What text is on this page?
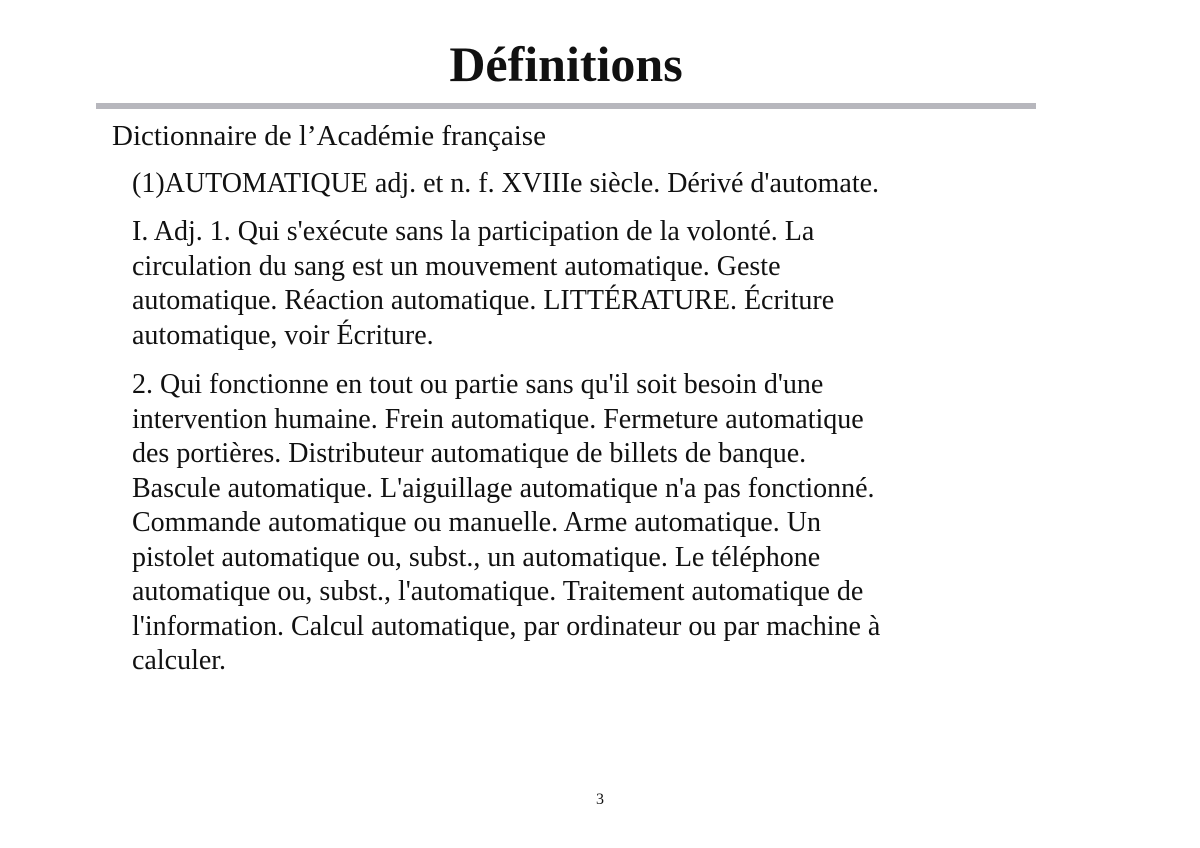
Définitions
Dictionnaire de l’Académie française
(1)AUTOMATIQUE adj. et n. f. XVIIIe siècle. Dérivé d'automate.
I. Adj. 1. Qui s'exécute sans la participation de la volonté. La
circulation du sang est un mouvement automatique. Geste
automatique. Réaction automatique. LITTÉRATURE. Écriture
automatique, voir Écriture.
2. Qui fonctionne en tout ou partie sans qu'il soit besoin d'une
intervention humaine. Frein automatique. Fermeture automatique
des portières. Distributeur automatique de billets de banque.
Bascule automatique. L'aiguillage automatique n'a pas fonctionné.
Commande automatique ou manuelle. Arme automatique. Un
pistolet automatique ou, subst., un automatique. Le téléphone
automatique ou, subst., l'automatique. Traitement automatique de
l'information. Calcul automatique, par ordinateur ou par machine à
calculer.
3
